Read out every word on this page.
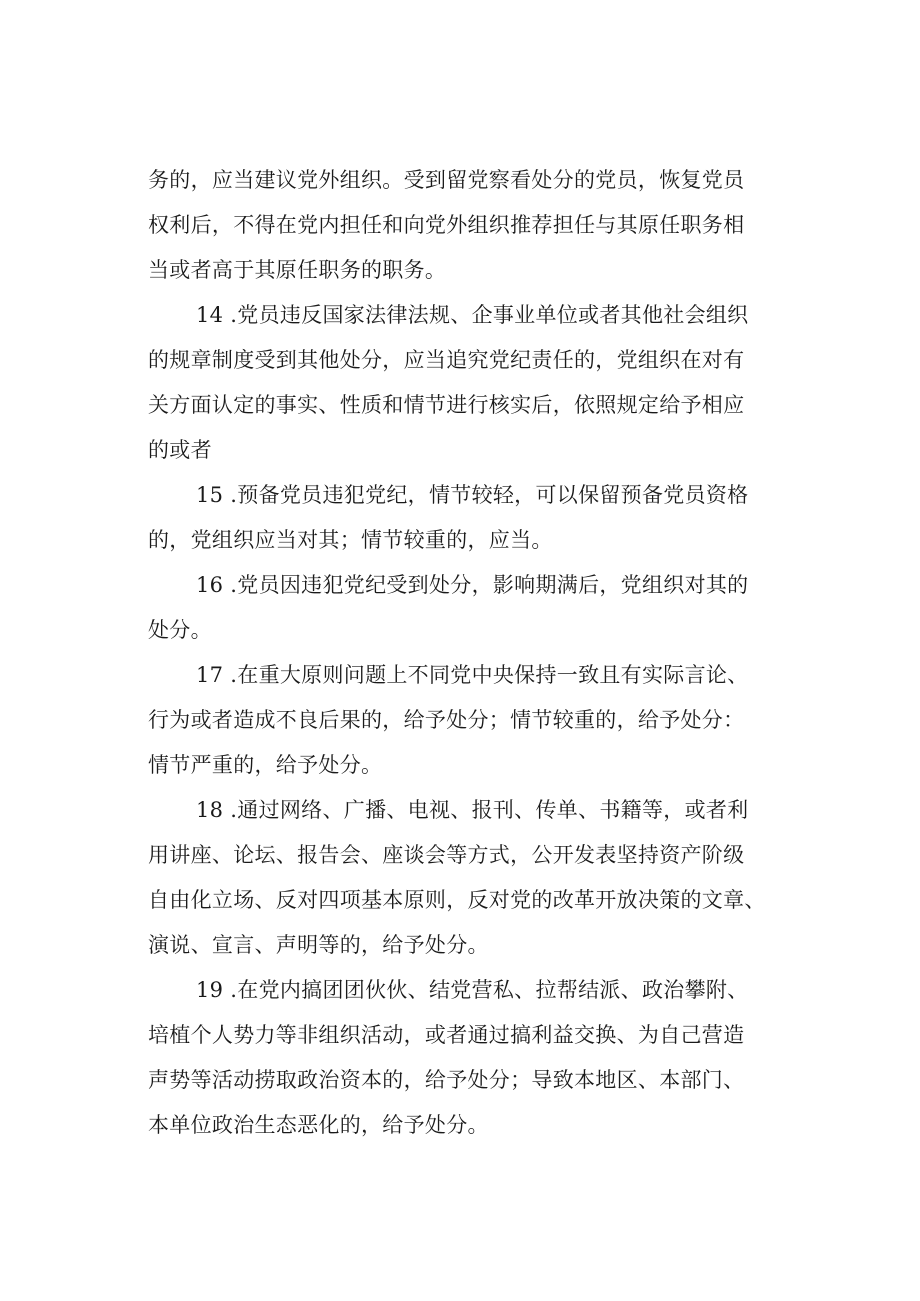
务的，应当建议党外组织。受到留党察看处分的党员，恢复党员
权利后，不得在党内担任和向党外组织推荐担任与其原任职务相
当或者高于其原任职务的职务。

14 .党员违反国家法律法规、企事业单位或者其他社会组织
的规章制度受到其他处分，应当追究党纪责任的，党组织在对有
关方面认定的事实、性质和情节进行核实后，依照规定给予相应
的或者

15 .预备党员违犯党纪，情节较轻，可以保留预备党员资格
的，党组织应当对其；情节较重的，应当。

16 .党员因违犯党纪受到处分，影响期满后，党组织对其的
处分。

17 .在重大原则问题上不同党中央保持一致且有实际言论、
行为或者造成不良后果的，给予处分；情节较重的，给予处分：
情节严重的，给予处分。

18 .通过网络、广播、电视、报刊、传单、书籍等，或者利
用讲座、论坛、报告会、座谈会等方式，公开发表坚持资产阶级
自由化立场、反对四项基本原则，反对党的改革开放决策的文章、
演说、宣言、声明等的，给予处分。

19 .在党内搞团团伙伙、结党营私、拉帮结派、政治攀附、
培植个人势力等非组织活动，或者通过搞利益交换、为自己营造
声势等活动捞取政治资本的，给予处分；导致本地区、本部门、
本单位政治生态恶化的，给予处分。
